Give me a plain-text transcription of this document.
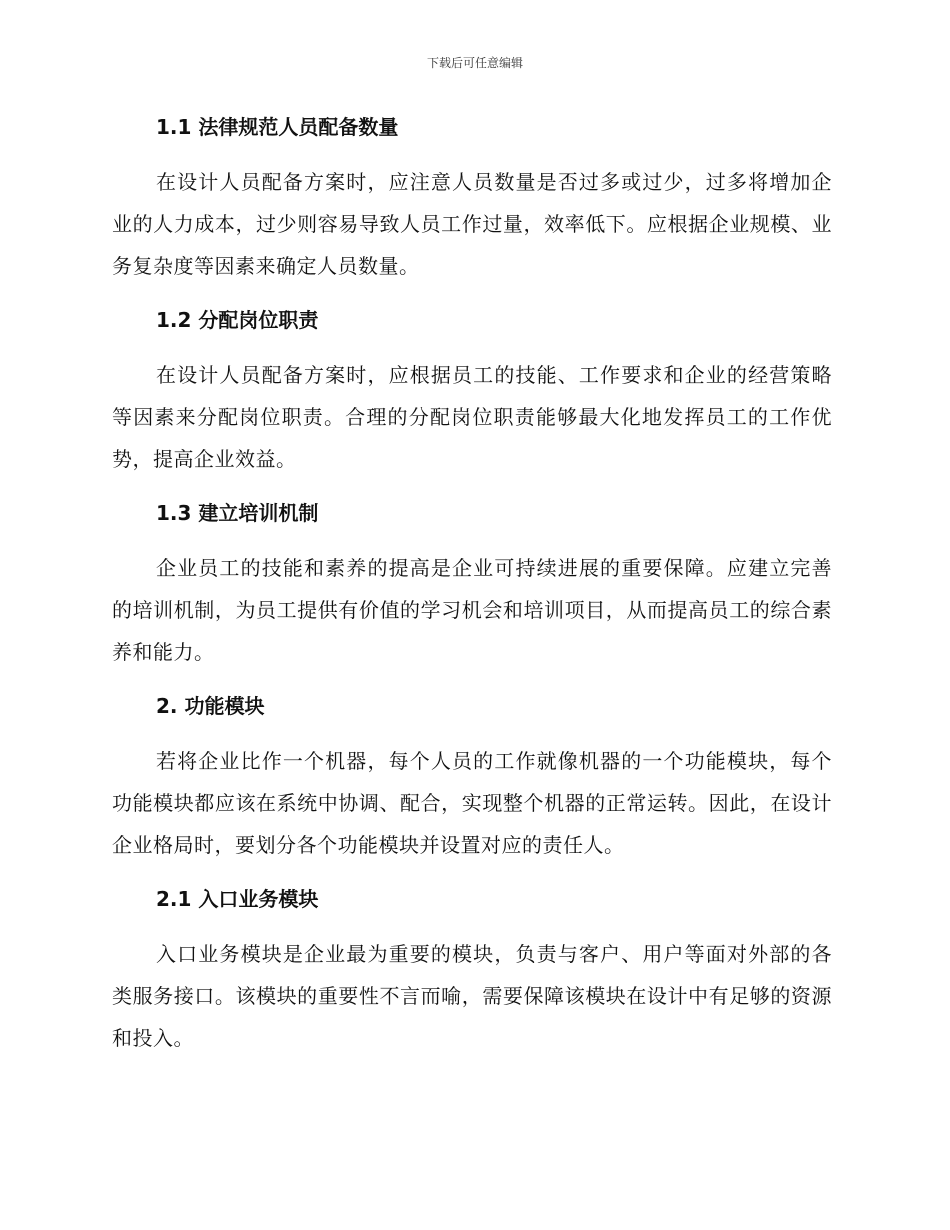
下载后可任意编辑
1.1 法律规范人员配备数量

在设计人员配备方案时，应注意人员数量是否过多或过少，过多将增加企业的人力成本，过少则容易导致人员工作过量，效率低下。应根据企业规模、业务复杂度等因素来确定人员数量。

1.2 分配岗位职责

在设计人员配备方案时，应根据员工的技能、工作要求和企业的经营策略等因素来分配岗位职责。合理的分配岗位职责能够最大化地发挥员工的工作优势，提高企业效益。

1.3 建立培训机制

企业员工的技能和素养的提高是企业可持续进展的重要保障。应建立完善的培训机制，为员工提供有价值的学习机会和培训项目，从而提高员工的综合素养和能力。

2. 功能模块

若将企业比作一个机器，每个人员的工作就像机器的一个功能模块，每个功能模块都应该在系统中协调、配合，实现整个机器的正常运转。因此，在设计企业格局时，要划分各个功能模块并设置对应的责任人。

2.1 入口业务模块

入口业务模块是企业最为重要的模块，负责与客户、用户等面对外部的各类服务接口。该模块的重要性不言而喻，需要保障该模块在设计中有足够的资源和投入。
